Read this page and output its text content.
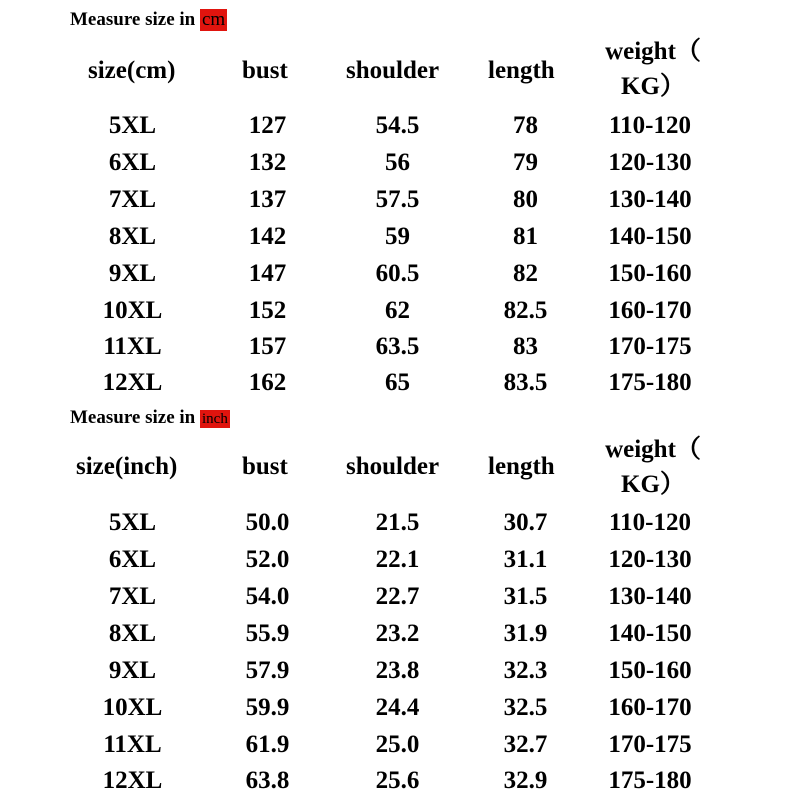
Measure size in cm
size(cm)	bust shoulder length
weight（
KG）
5XL	127	54.5	78	110-120
6XL	132	56	79	120-130
7XL	137	57.5	80	130-140
8XL	142	59	81	140-150
9XL	147	60.5	82	150-160
10XL	152	62	82.5	160-170
11XL	157	63.5	83	170-175
12XL	162	65	83.5	175-180
Measure size in inch
size(inch)	bust shoulder length
weight（
KG）
5XL	50.0	21.5	30.7	110-120
6XL	52.0	22.1	31.1	120-130
7XL	54.0	22.7	31.5	130-140
8XL	55.9	23.2	31.9	140-150
9XL	57.9	23.8	32.3	150-160
10XL	59.9	24.4	32.5	160-170
11XL	61.9	25.0	32.7	170-175
12XL	63.8	25.6	32.9	175-180
